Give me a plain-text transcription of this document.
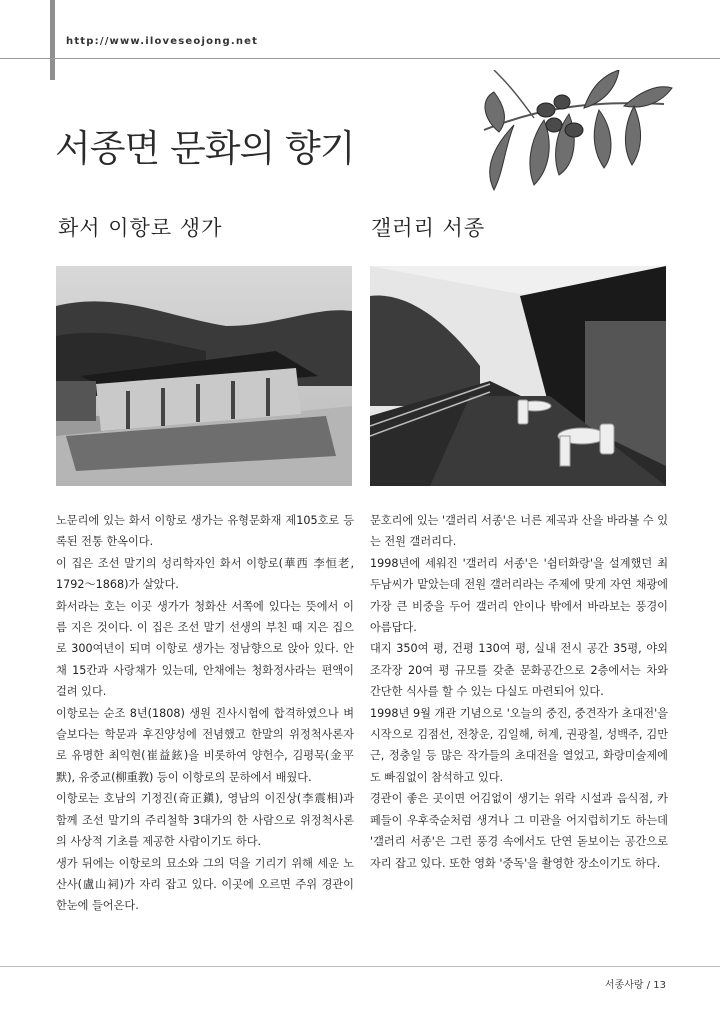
http://www.iloveseojong.net
서종면 문화의 향기
화서 이항로 생가	갤러리 서종

노문리에 있는 화서 이항로 생가는 유형문화재 제105호로 등록된 전통 한옥이다.

이 집은 조선 말기의 성리학자인 화서 이항로(華西 李恒老, 1792～1868)가 살았다.

화서라는 호는 이곳 생가가 청화산 서쪽에 있다는 뜻에서 이름 지은 것이다. 이 집은 조선 말기 선생의 부친 때 지은 집으로 300여년이 되며 이항로 생가는 정남향으로 앉아 있다. 안채 15칸과 사랑채가 있는데, 안채에는 청화정사라는 편액이 걸려 있다.

이항로는 순조 8년(1808) 생원 진사시험에 합격하였으나 벼슬보다는 학문과 후진양성에 전념했고 한말의 위정척사론자로 유명한 최익현(崔益鉉)을 비롯하여 양헌수, 김평묵(金平默), 유중교(柳重教) 등이 이항로의 문하에서 배웠다.

이항로는 호남의 기정진(奇正鎭), 영남의 이진상(李震相)과 함께 조선 말기의 주리철학 3대가의 한 사람으로 위정척사론의 사상적 기초를 제공한 사람이기도 하다.

생가 뒤에는 이항로의 묘소와 그의 덕을 기리기 위해 세운 노산사(盧山祠)가 자리 잡고 있다. 이곳에 오르면 주위 경관이 한눈에 들어온다.

문호리에 있는 '갤러리 서종'은 너른 제곡과 산을 바라볼 수 있는 전원 갤러리다.

1998년에 세워진 '갤러리 서종'은 '쉼터화랑'을 설계했던 최두남씨가 맡았는데 전원 갤러리라는 주제에 맞게 자연 채광에 가장 큰 비중을 두어 갤러리 안이나 밖에서 바라보는 풍경이 아름답다.

대지 350여 평, 건평 130여 평, 실내 전시 공간 35평, 야외 조각장 20여 평 규모를 갖춘 문화공간으로 2층에서는 차와 간단한 식사를 할 수 있는 다실도 마련되어 있다.

1998년 9월 개관 기념으로 '오늘의 중진, 중견작가 초대전'을 시작으로 김점선, 전창운, 김일해, 허계, 권광칠, 성백주, 김만근, 정충일 등 많은 작가들의 초대전을 열었고, 화랑미술제에도 빠짐없이 참석하고 있다.

경관이 좋은 곳이면 어김없이 생기는 위락 시설과 음식점, 카페들이 우후죽순처럼 생겨나 그 미관을 어지럽히기도 하는데 '갤러리 서종'은 그런 풍경 속에서도 단연 돋보이는 공간으로 자리 잡고 있다. 또한 영화 '중독'을 촬영한 장소이기도 하다.

서종사랑 / 13
